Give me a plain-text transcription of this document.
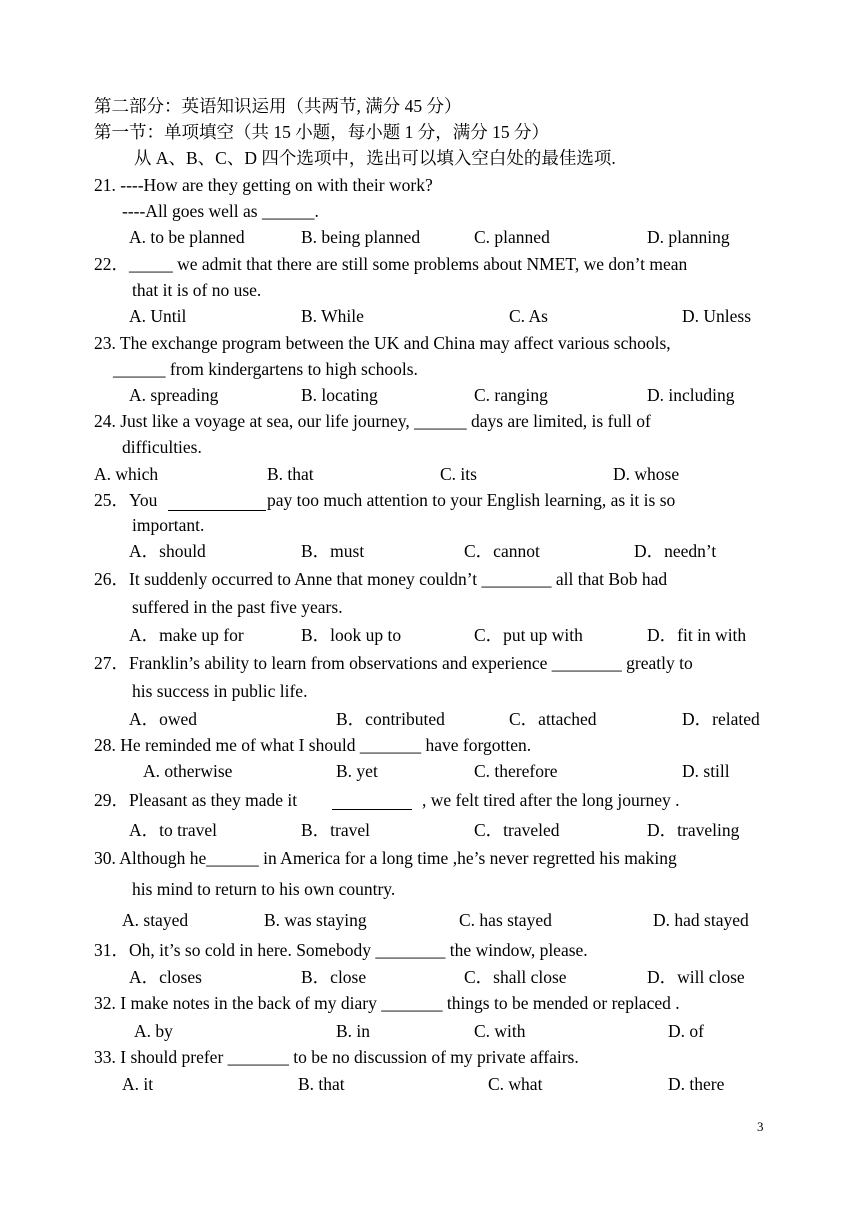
第二部分：英语知识运用（共两节, 满分 45 分）
第一节：单项填空（共 15 小题，每小题 1 分，满分 15 分）
从 A、B、C、D 四个选项中，选出可以填入空白处的最佳选项.
21. ----How are they getting on with their work?
----All goes well as ______.
A. to be planned	B. being planned	C. planned	D. planning
22．_____ we admit that there are still some problems about NMET, we don’t mean
that it is of no use.
A. Until	B. While	C. As	D. Unless
23. The exchange program between the UK and China may affect various schools,
______ from kindergartens to high schools.
A. spreading	B. locating	C. ranging	D. including
24. Just like a voyage at sea, our life journey, ______ days are limited, is full of
difficulties.
A. which	B. that	C. its	D. whose
25．You	pay too much attention to your English learning, as it is so
important.
A．should	B．must	C．cannot	D．needn’t
26．It suddenly occurred to Anne that money couldn’t ________ all that Bob had
suffered in the past five years.
A．make up for	B．look up to	C．put up with	D．fit in with
27．Franklin’s ability to learn from observations and experience ________ greatly to
his success in public life.
A．owed	B．contributed	C．attached	D．related
28. He reminded me of what I should _______ have forgotten.
A. otherwise	B. yet	C. therefore	D. still
29．Pleasant as they made it	, we felt tired after the long journey .
A．to travel	B．travel	C．traveled	D．traveling
30. Although he______ in America for a long time ,he’s never regretted his making
his mind to return to his own country.
A. stayed	B. was staying	C. has stayed	D. had stayed
31．Oh, it’s so cold in here. Somebody ________ the window, please.
A．closes	B．close	C．shall close	D．will close
32. I make notes in the back of my diary _______ things to be mended or replaced .
A. by	B. in	C. with	D. of
33. I should prefer _______ to be no discussion of my private affairs.
A. it	B. that	C. what	D. there
3
